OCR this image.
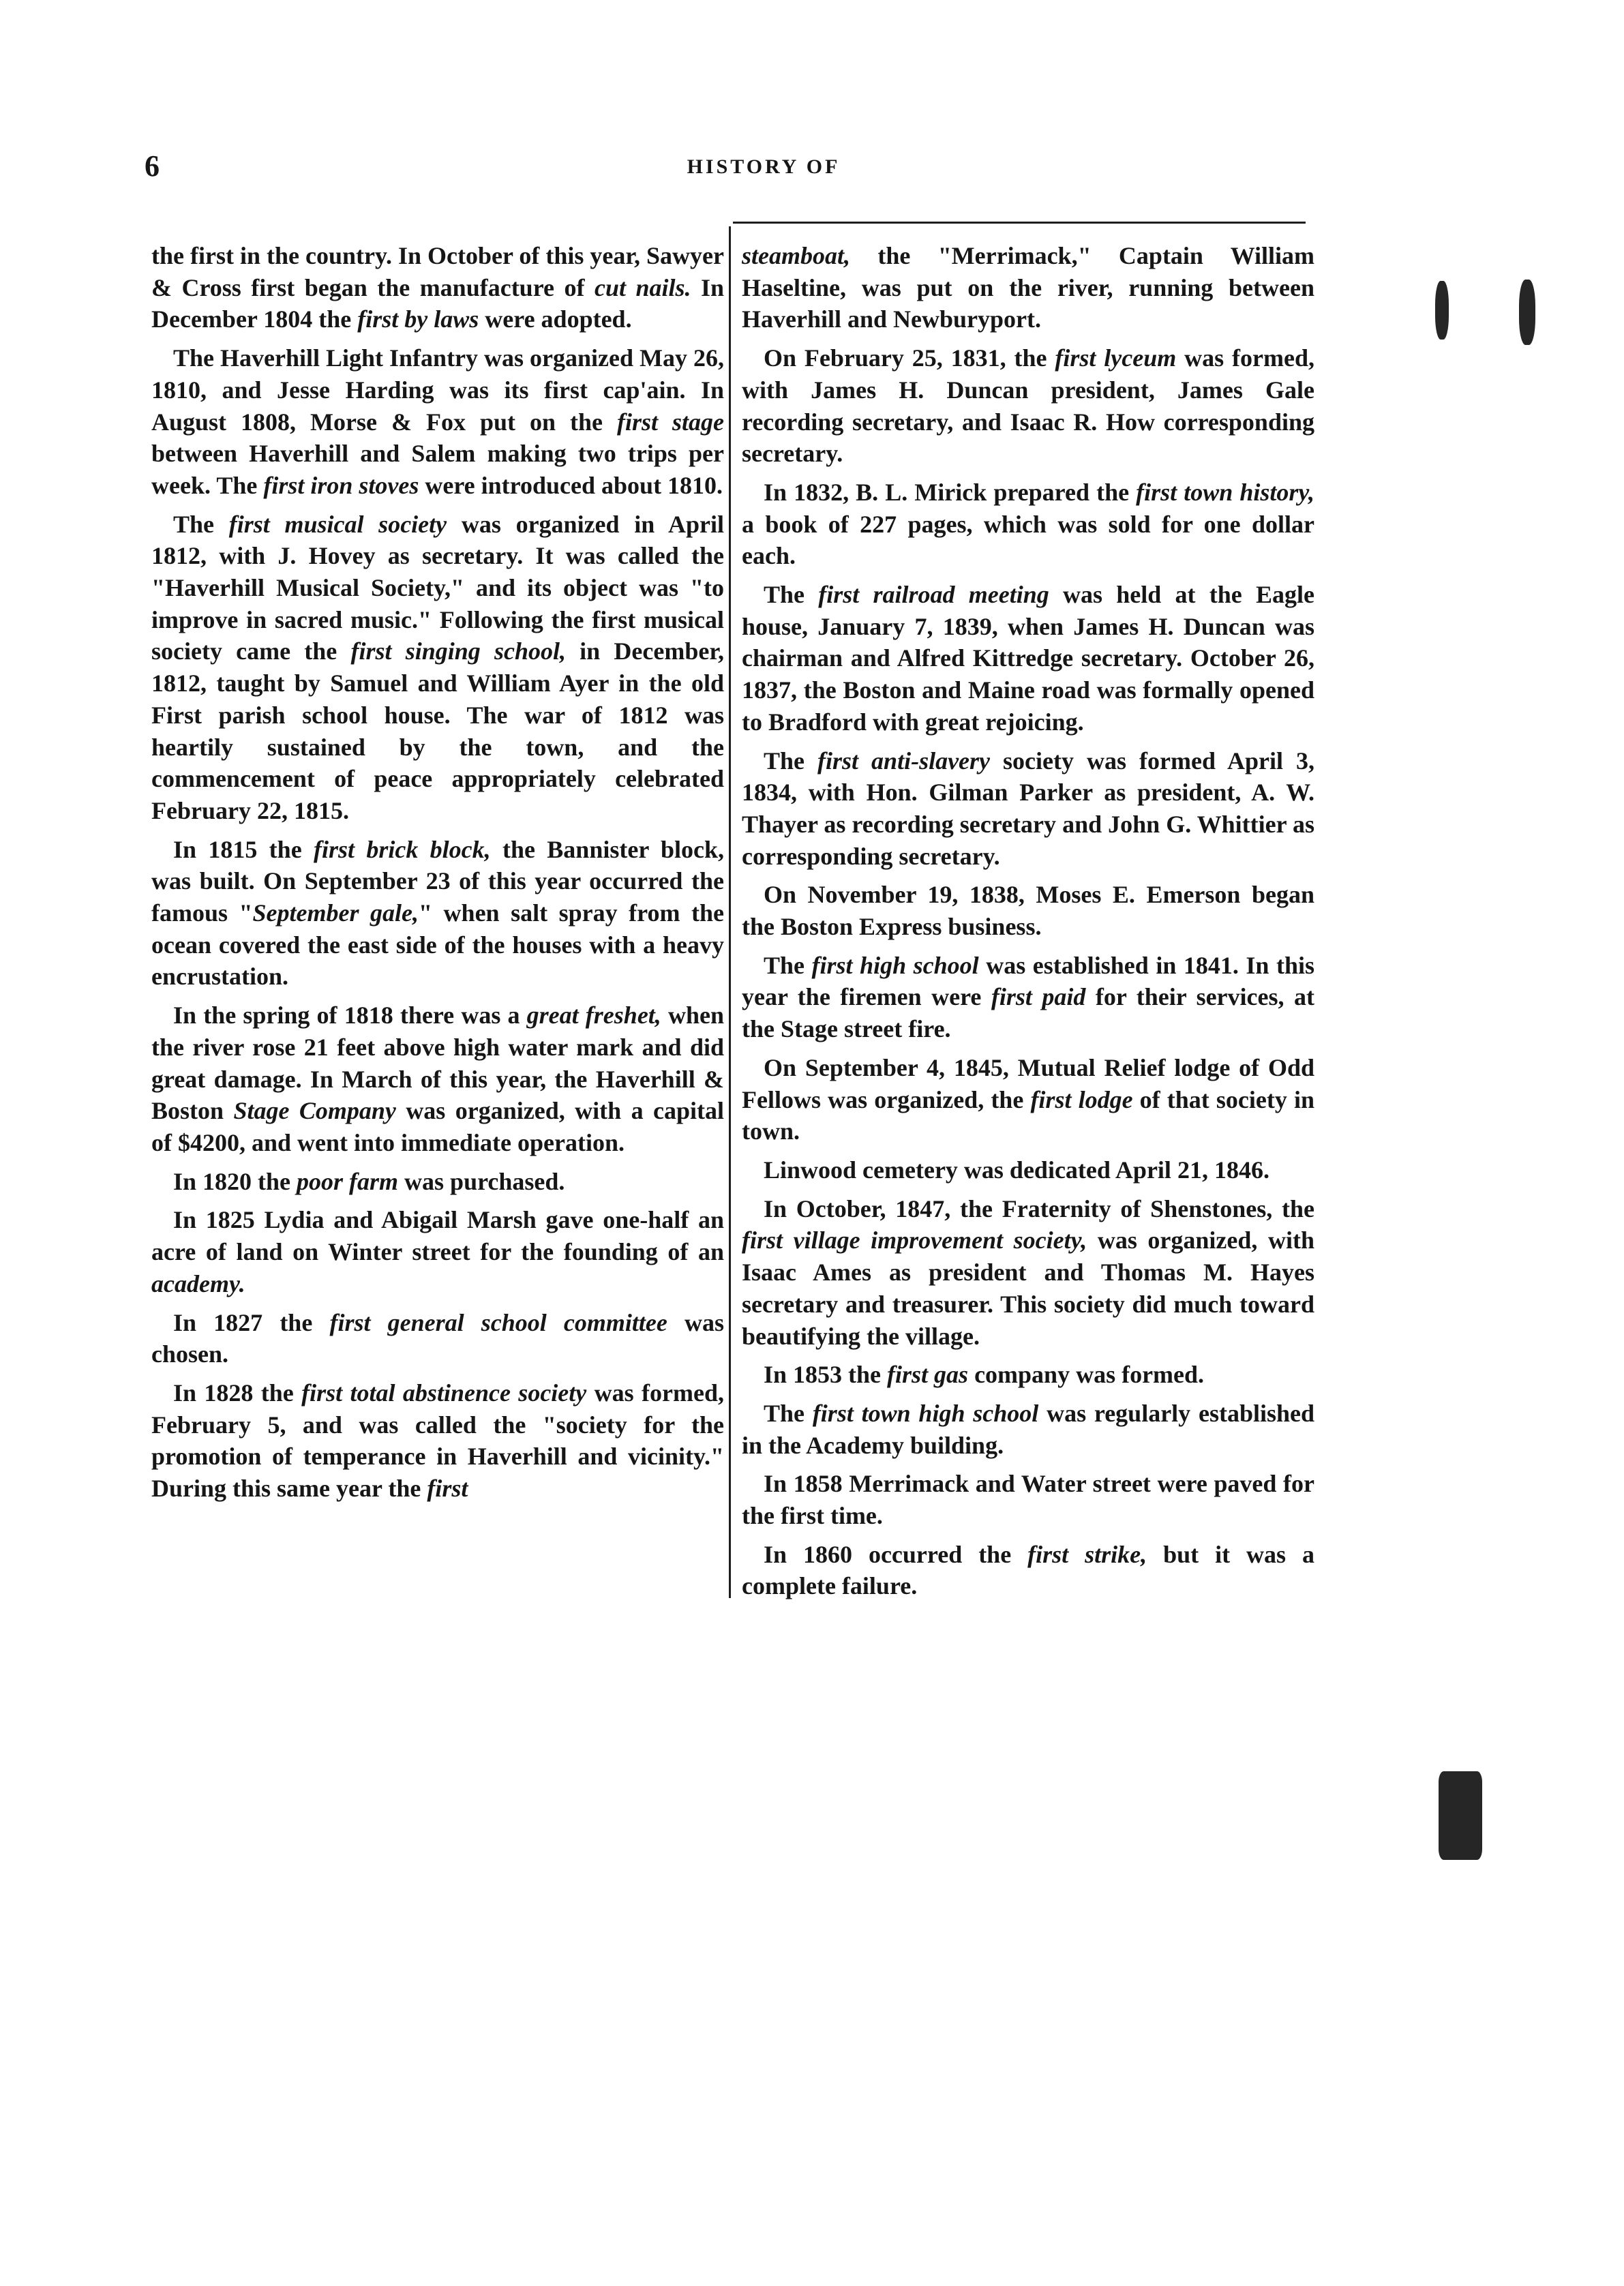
6	HISTORY OF

the first in the country. In October of this year, Sawyer & Cross first began the manufacture of cut nails. In December 1804 the first by laws were adopted.

The Haverhill Light Infantry was organized May 26, 1810, and Jesse Harding was its first cap'ain. In August 1808, Morse & Fox put on the first stage between Haverhill and Salem making two trips per week. The first iron stoves were introduced about 1810.

The first musical society was organized in April 1812, with J. Hovey as secretary. It was called the "Haverhill Musical Society," and its object was "to improve in sacred music." Following the first musical society came the first singing school, in December, 1812, taught by Samuel and William Ayer in the old First parish school house. The war of 1812 was heartily sustained by the town, and the commencement of peace appropriately celebrated February 22, 1815.

In 1815 the first brick block, the Bannister block, was built. On September 23 of this year occurred the famous "September gale," when salt spray from the ocean covered the east side of the houses with a heavy encrustation.

In the spring of 1818 there was a great freshet, when the river rose 21 feet above high water mark and did great damage. In March of this year, the Haverhill & Boston Stage Company was organized, with a capital of $4200, and went into immediate operation.

In 1820 the poor farm was purchased.

In 1825 Lydia and Abigail Marsh gave one-half an acre of land on Winter street for the founding of an academy.

In 1827 the first general school committee was chosen.

In 1828 the first total abstinence society was formed, February 5, and was called the "society for the promotion of temperance in Haverhill and vicinity." During this same year the first

steamboat, the "Merrimack," Captain William Haseltine, was put on the river, running between Haverhill and Newburyport.

On February 25, 1831, the first lyceum was formed, with James H. Duncan president, James Gale recording secretary, and Isaac R. How corresponding secretary.

In 1832, B. L. Mirick prepared the first town history, a book of 227 pages, which was sold for one dollar each.

The first railroad meeting was held at the Eagle house, January 7, 1839, when James H. Duncan was chairman and Alfred Kittredge secretary. October 26, 1837, the Boston and Maine road was formally opened to Bradford with great rejoicing.

The first anti-slavery society was formed April 3, 1834, with Hon. Gilman Parker as president, A. W. Thayer as recording secretary and John G. Whittier as corresponding secretary.

On November 19, 1838, Moses E. Emerson began the Boston Express business.

The first high school was established in 1841. In this year the firemen were first paid for their services, at the Stage street fire.

On September 4, 1845, Mutual Relief lodge of Odd Fellows was organized, the first lodge of that society in town.

Linwood cemetery was dedicated April 21, 1846.

In October, 1847, the Fraternity of Shenstones, the first village improvement society, was organized, with Isaac Ames as president and Thomas M. Hayes secretary and treasurer. This society did much toward beautifying the village.

In 1853 the first gas company was formed.

The first town high school was regularly established in the Academy building.

In 1858 Merrimack and Water street were paved for the first time.

In 1860 occurred the first strike, but it was a complete failure.
